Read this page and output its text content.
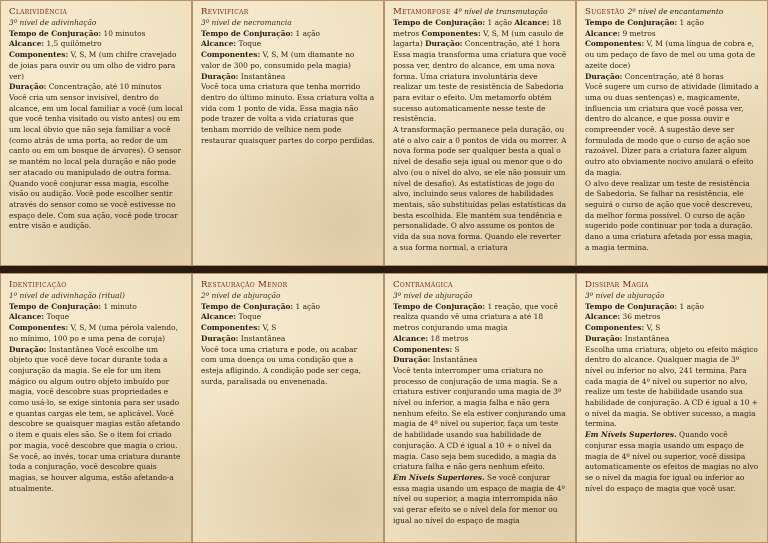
Clarividência
3º nível de adivinhação
Tempo de Conjuração: 10 minutos
Alcance: 1,5 quilômetro
Componentes: V, S, M (um chifre cravejado de joias para ouvir ou um olho de vidro para ver)
Duração: Concentração, até 10 minutos
Você cria um sensor invisível, dentro do alcance, em um local familiar a você (um local que você tenha visitado ou visto antes) ou em um local óbvio que não seja familiar a você (como atrás de uma porta, ao redor de um canto ou em um bosque de árvores). O sensor se mantém no local pela duração e não pode ser atacado ou manipulado de outra forma.
Quando você conjurar essa magia, escolhe visão ou audição. Você pode escolher sentir através do sensor como se você estivesse no espaço dele. Com sua ação, você pode trocar entre visão e audição.
Revivificar
3º nível de necromancia
Tempo de Conjuração: 1 ação
Alcance: Toque
Componentes: V, S, M (um diamante no valor de 300 po, consumido pela magia)
Duração: Instantânea
Você toca uma criatura que tenha morrido dentro do último minuto. Essa criatura volta a vida com 1 ponto de vida. Essa magia não pode trazer de volta a vida criaturas que tenham morrido de velhice nem pode restaurar quaisquer partes do corpo perdidas.
Metamorfose 4º nível de transmutação
Tempo de Conjuração: 1 ação Alcance: 18 metros Componentes: V, S, M (um casulo de lagarta) Duração: Concentração, até 1 hora Essa magia transforma uma criatura que você possa ver, dentro do alcance, em uma nova forma. Uma criatura involuntária deve realizar um teste de resistência de Sabedoria para evitar o efeito. Um metamorfo obtém sucesso automaticamente nesse teste de resistência.
A transformação permanece pela duração, ou até o alvo cair a 0 pontos de vida ou morrer. A nova forma pode ser qualquer besta a qual o nível de desafio seja igual ou menor que o do alvo (ou o nível do alvo, se ele não possuir um nível de desafio). As estatísticas de jogo do alvo, incluindo seus valores de habilidades mentais, são substituídas pelas estatísticas da besta escolhida. Ele mantém sua tendência e personalidade. O alvo assume os pontos de vida da sua nova forma. Quando ele reverter a sua forma normal, a criatura
Sugestão 2º nível de encantamento
Tempo de Conjuração: 1 ação
Alcance: 9 metros
Componentes: V, M (uma língua de cobra e, ou um pedaço de favo de mel ou uma gota de azeite doce)
Duração: Concentração, até 8 horas
Você sugere um curso de atividade (limitado a uma ou duas sentenças) e, magicamente, influencia um criatura que você possa ver, dentro do alcance, e que possa ouvir e compreender você. A sugestão deve ser formulada de modo que o curso de ação soe razoável. Dizer para a criatura fazer algum outro ato obviamente nocivo anulará o efeito da magia.
O alvo deve realizar um teste de resistência de Sabedoria. Se falhar na resistência, ele seguirá o curso de ação que você descreveu, da melhor forma possível. O curso de ação sugerido pode continuar por toda a duração. dano a uma criatura afetada por essa magia, a magia termina.
Identificação
1º nível de adivinhação (ritual)
Tempo de Conjuração: 1 minuto
Alcance: Toque
Componentes: V, S, M (uma pérola valendo, no mínimo, 100 po e uma pena de coruja)
Duração: Instantânea Você escolhe um objeto que você deve tocar durante toda a conjuração da magia. Se ele for um item mágico ou algum outro objeto imbuído por magia, você descobre suas propriedades e como usá-lo, se exige sintonia para ser usado e quantas cargas ele tem, se aplicável. Você descobre se quaisquer magias estão afetando o item e quais eles são. Se o item foi criado por magia, você descobre que magia o criou. Se você, ao invés, tocar uma criatura durante toda a conjuração, você descobre quais magias, se houver alguma, estão afetando-a atualmente.
Restauração Menor
2º nível de abjuração
Tempo de Conjuração: 1 ação
Alcance: Toque
Componentes: V, S
Duração: Instantânea
Você toca uma criatura e pode, ou acabar com uma doença ou uma condição que a esteja afligindo. A condição pode ser cega, surda, paralisada ou envenenada.
Contramágica
3º nível de abjuração
Tempo de Conjuração: 1 reação, que você realiza quando vê uma criatura a até 18 metros conjurando uma magia
Alcance: 18 metros
Componentes: S
Duração: Instantânea
Você tenta interromper uma criatura no processo de conjuração de uma magia. Se a criatura estiver conjurando uma magia de 3º nível ou inferior, a magia falha e não gera nenhum efeito. Se ela estiver conjurando uma magia de 4º nível ou superior, faça um teste de habilidade usando sua habilidade de conjuração. A CD é igual a 10 + o nível da magia. Caso seja bem sucedido, a magia da criatura falha e não gera nenhum efeito.
Em Níveis Superiores. Se você conjurar essa magia usando um espaço de magia de 4º nível ou superior, a magia interrompida não vai gerar efeito se o nível dela for menor ou igual ao nível do espaço de magia
Dissipar Magia
3º nível de abjuração
Tempo de Conjuração: 1 ação
Alcance: 36 metros
Componentes: V, S
Duração: Instantânea
Escolha uma criatura, objeto ou efeito mágico dentro do alcance. Qualquer magia de 3º nível ou inferior no alvo, 241 termina. Para cada magia de 4º nível ou superior no alvo, realize um teste de habilidade usando sua habilidade de conjuração. A CD é igual a 10 + o nível da magia. Se obtiver sucesso, a magia termina.
Em Níveis Superiores. Quando você conjurar essa magia usando um espaço de magia de 4º nível ou superior, você dissipa automaticamente os efeitos de magias no alvo se o nível da magia for igual ou inferior ao nível do espaço de magia que você usar.
